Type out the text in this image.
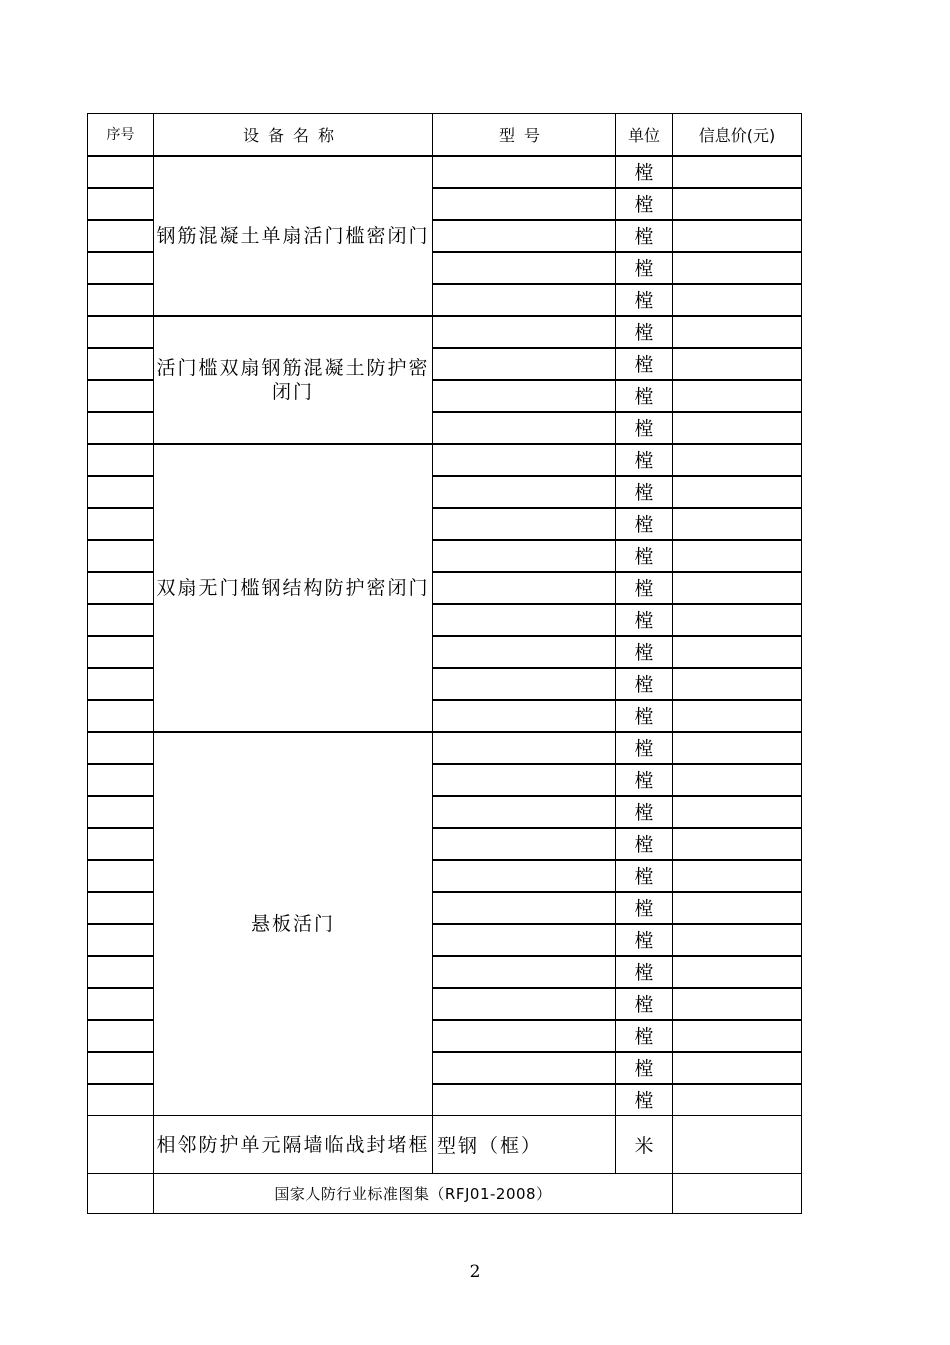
序号	设备名称	型号	单位	信息价(元)
	钢筋混凝土单扇活门槛密闭门		樘	
			樘	
			樘	
			樘	
			樘	
	活门槛双扇钢筋混凝土防护密闭门		樘	
			樘	
			樘	
			樘	
	双扇无门槛钢结构防护密闭门		樘	
			樘	
			樘	
			樘	
			樘	
			樘	
			樘	
			樘	
			樘	
	悬板活门		樘	
			樘	
			樘	
			樘	
			樘	
			樘	
			樘	
			樘	
			樘	
			樘	
			樘	
			樘	
	相邻防护单元隔墙临战封堵框	型钢（框）	米	
	国家人防行业标准图集（RFJ01-2008）			
2
